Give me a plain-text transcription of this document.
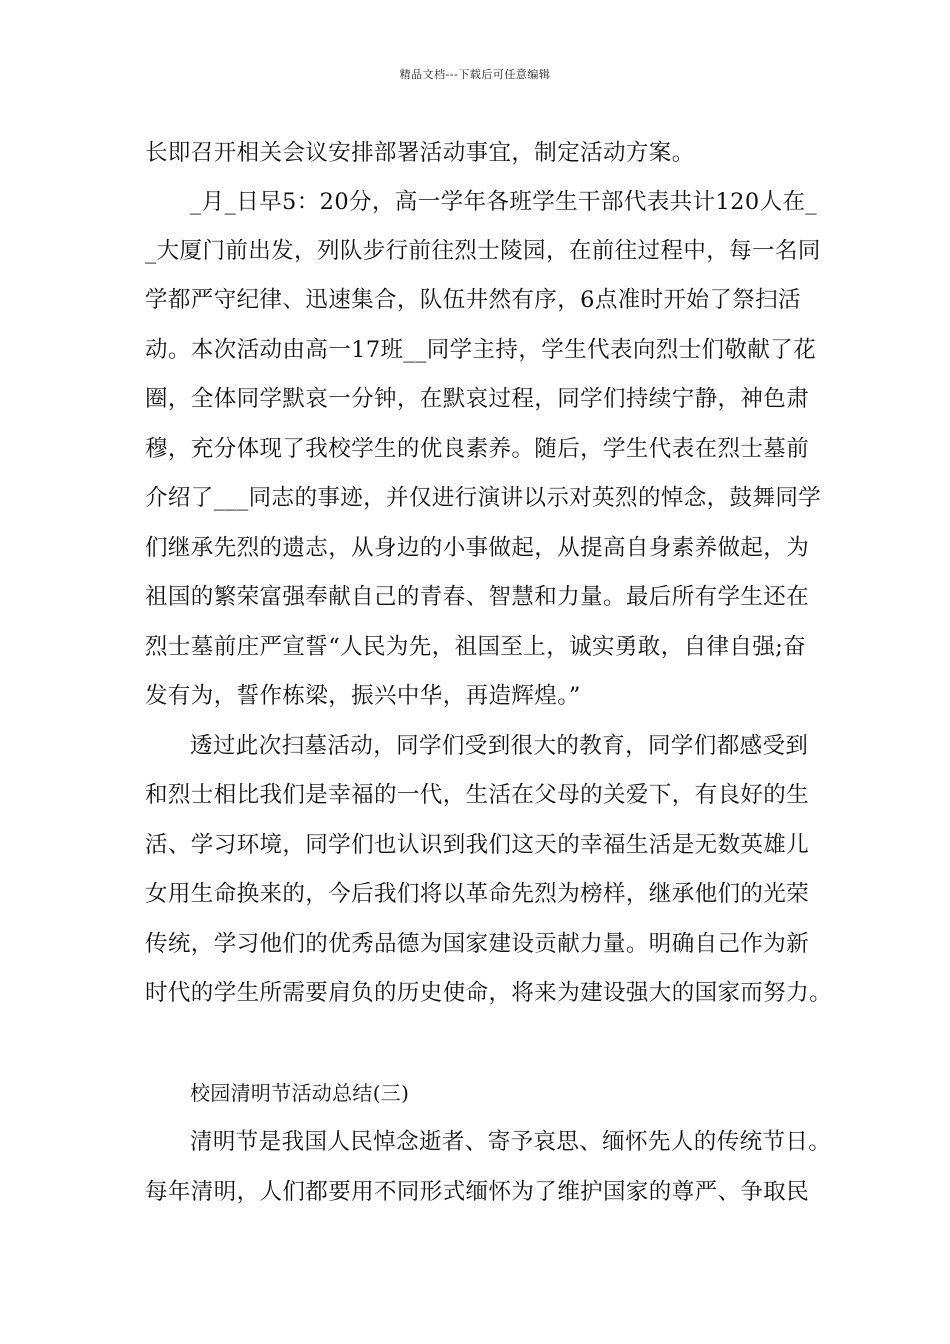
精品文档---下载后可任意编辑
长即召开相关会议安排部署活动事宜，制定活动方案。
_月_日早5：20分，高一学年各班学生干部代表共计120人在_
_大厦门前出发，列队步行前往烈士陵园，在前往过程中，每一名同
学都严守纪律、迅速集合，队伍井然有序，6点准时开始了祭扫活
动。本次活动由高一17班__同学主持，学生代表向烈士们敬献了花
圈，全体同学默哀一分钟，在默哀过程，同学们持续宁静，神色肃
穆，充分体现了我校学生的优良素养。随后，学生代表在烈士墓前
介绍了___同志的事迹，并仅进行演讲以示对英烈的悼念，鼓舞同学
们继承先烈的遗志，从身边的小事做起，从提高自身素养做起，为
祖国的繁荣富强奉献自己的青春、智慧和力量。最后所有学生还在
烈士墓前庄严宣誓“人民为先，祖国至上，诚实勇敢，自律自强;奋
发有为，誓作栋梁，振兴中华，再造辉煌。”
透过此次扫墓活动，同学们受到很大的教育，同学们都感受到
和烈士相比我们是幸福的一代，生活在父母的关爱下，有良好的生
活、学习环境，同学们也认识到我们这天的幸福生活是无数英雄儿
女用生命换来的，今后我们将以革命先烈为榜样，继承他们的光荣
传统，学习他们的优秀品德为国家建设贡献力量。明确自己作为新
时代的学生所需要肩负的历史使命，将来为建设强大的国家而努力。
校园清明节活动总结(三)
清明节是我国人民悼念逝者、寄予哀思、缅怀先人的传统节日。
每年清明，人们都要用不同形式缅怀为了维护国家的尊严、争取民
